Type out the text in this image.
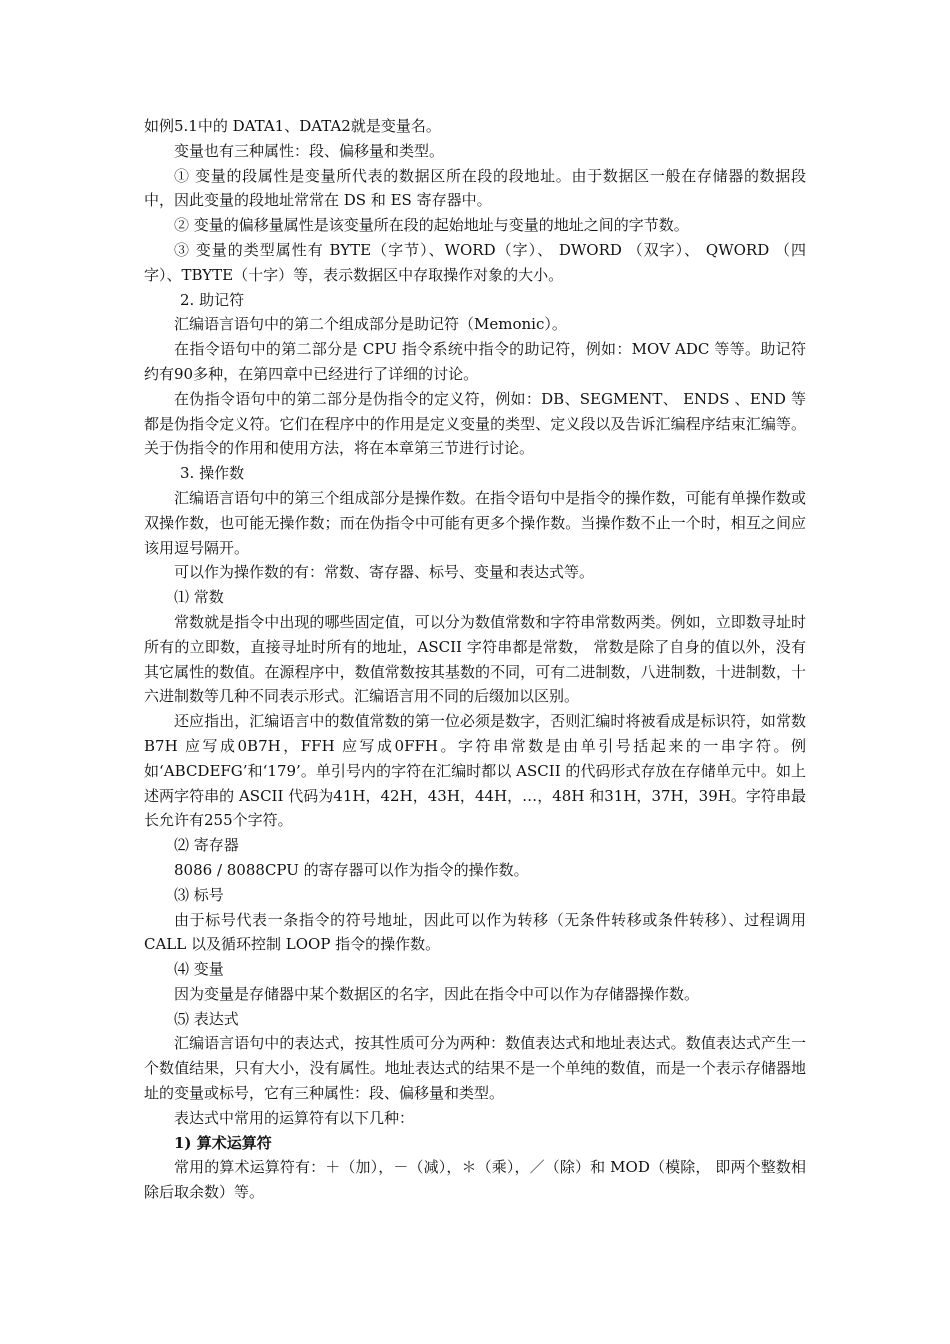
如例5.1中的 DATA1、DATA2就是变量名。

变量也有三种属性：段、偏移量和类型。

① 变量的段属性是变量所代表的数据区所在段的段地址。由于数据区一般在存储器的数据段中，因此变量的段地址常常在 DS 和 ES 寄存器中。

② 变量的偏移量属性是该变量所在段的起始地址与变量的地址之间的字节数。

③ 变量的类型属性有 BYTE（字节）、WORD（字）、 DWORD （双字）、 QWORD （四字）、TBYTE（十字）等，表示数据区中存取操作对象的大小。

2. 助记符

汇编语言语句中的第二个组成部分是助记符（Memonic）。

在指令语句中的第二部分是 CPU 指令系统中指令的助记符，例如：MOV ADC 等等。助记符约有90多种，在第四章中已经进行了详细的讨论。

在伪指令语句中的第二部分是伪指令的定义符，例如：DB、SEGMENT、 ENDS 、END 等都是伪指令定义符。它们在程序中的作用是定义变量的类型、定义段以及告诉汇编程序结束汇编等。关于伪指令的作用和使用方法，将在本章第三节进行讨论。

3. 操作数

汇编语言语句中的第三个组成部分是操作数。在指令语句中是指令的操作数，可能有单操作数或双操作数，也可能无操作数；而在伪指令中可能有更多个操作数。当操作数不止一个时，相互之间应该用逗号隔开。

可以作为操作数的有：常数、寄存器、标号、变量和表达式等。

⑴ 常数

常数就是指令中出现的哪些固定值，可以分为数值常数和字符串常数两类。例如，立即数寻址时所有的立即数，直接寻址时所有的地址，ASCII 字符串都是常数， 常数是除了自身的值以外，没有其它属性的数值。在源程序中，数值常数按其基数的不同，可有二进制数，八进制数，十进制数，十六进制数等几种不同表示形式。汇编语言用不同的后缀加以区别。

还应指出，汇编语言中的数值常数的第一位必须是数字，否则汇编时将被看成是标识符，如常数 B7H 应写成0B7H，FFH 应写成0FFH。字符串常数是由单引号括起来的一串字符。例如‘ABCDEFG’和‘179’。单引号内的字符在汇编时都以 ASCII 的代码形式存放在存储单元中。如上述两字符串的 ASCII 代码为41H，42H，43H，44H，…，48H 和31H，37H，39H。字符串最长允许有255个字符。

⑵ 寄存器

8086 / 8088CPU 的寄存器可以作为指令的操作数。

⑶ 标号

由于标号代表一条指令的符号地址，因此可以作为转移（无条件转移或条件转移）、过程调用 CALL 以及循环控制 LOOP 指令的操作数。

⑷ 变量

因为变量是存储器中某个数据区的名字，因此在指令中可以作为存储器操作数。

⑸ 表达式

汇编语言语句中的表达式，按其性质可分为两种：数值表达式和地址表达式。数值表达式产生一个数值结果，只有大小，没有属性。地址表达式的结果不是一个单纯的数值，而是一个表示存储器地址的变量或标号，它有三种属性：段、偏移量和类型。

表达式中常用的运算符有以下几种：

1) 算术运算符

常用的算术运算符有：＋（加），－（减），＊（乘），／（除）和 MOD（模除， 即两个整数相除后取余数）等。
